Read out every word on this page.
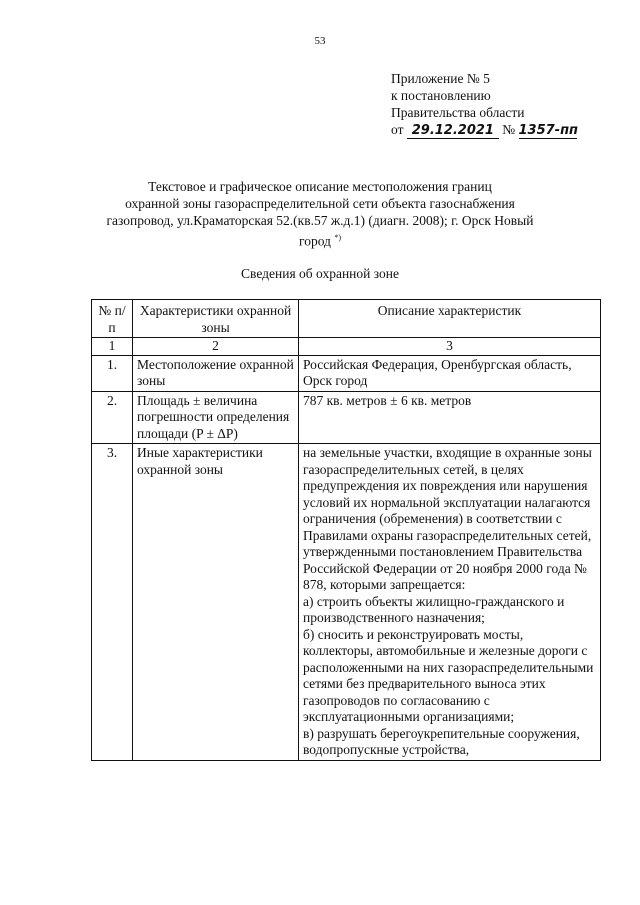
53
Приложение № 5
к постановлению
Правительства области
от 29.12.2021 № 1357-пп
Текстовое и графическое описание местоположения границ
охранной зоны газораспределительной сети объекта газоснабжения
газопровод, ул.Краматорская 52.(кв.57 ж.д.1) (диагн. 2008); г. Орск Новый
город *)
Сведения об охранной зоне
№ п/п	Характеристики охранной зоны	Описание характеристик
1	2	3
1.	Местоположение охранной зоны	Российская Федерация, Оренбургская область, Орск город
2.	Площадь ± величина погрешности определения площади (P ± ΔP)	787 кв. метров ± 6 кв. метров
3.	Иные характеристики охранной зоны	на земельные участки, входящие в охранные зоны газораспределительных сетей, в целях предупреждения их повреждения или нарушения условий их нормальной эксплуатации налагаются ограничения (обременения) в соответствии с Правилами охраны газораспределительных сетей, утвержденными постановлением Правительства Российской Федерации от 20 ноября 2000 года № 878, которыми запрещается:
а) строить объекты жилищно-гражданского и производственного назначения;
б) сносить и реконструировать мосты, коллекторы, автомобильные и железные дороги с расположенными на них газораспределительными сетями без предварительного выноса этих газопроводов по согласованию с эксплуатационными организациями;
в) разрушать берегоукрепительные сооружения, водопропускные устройства,
